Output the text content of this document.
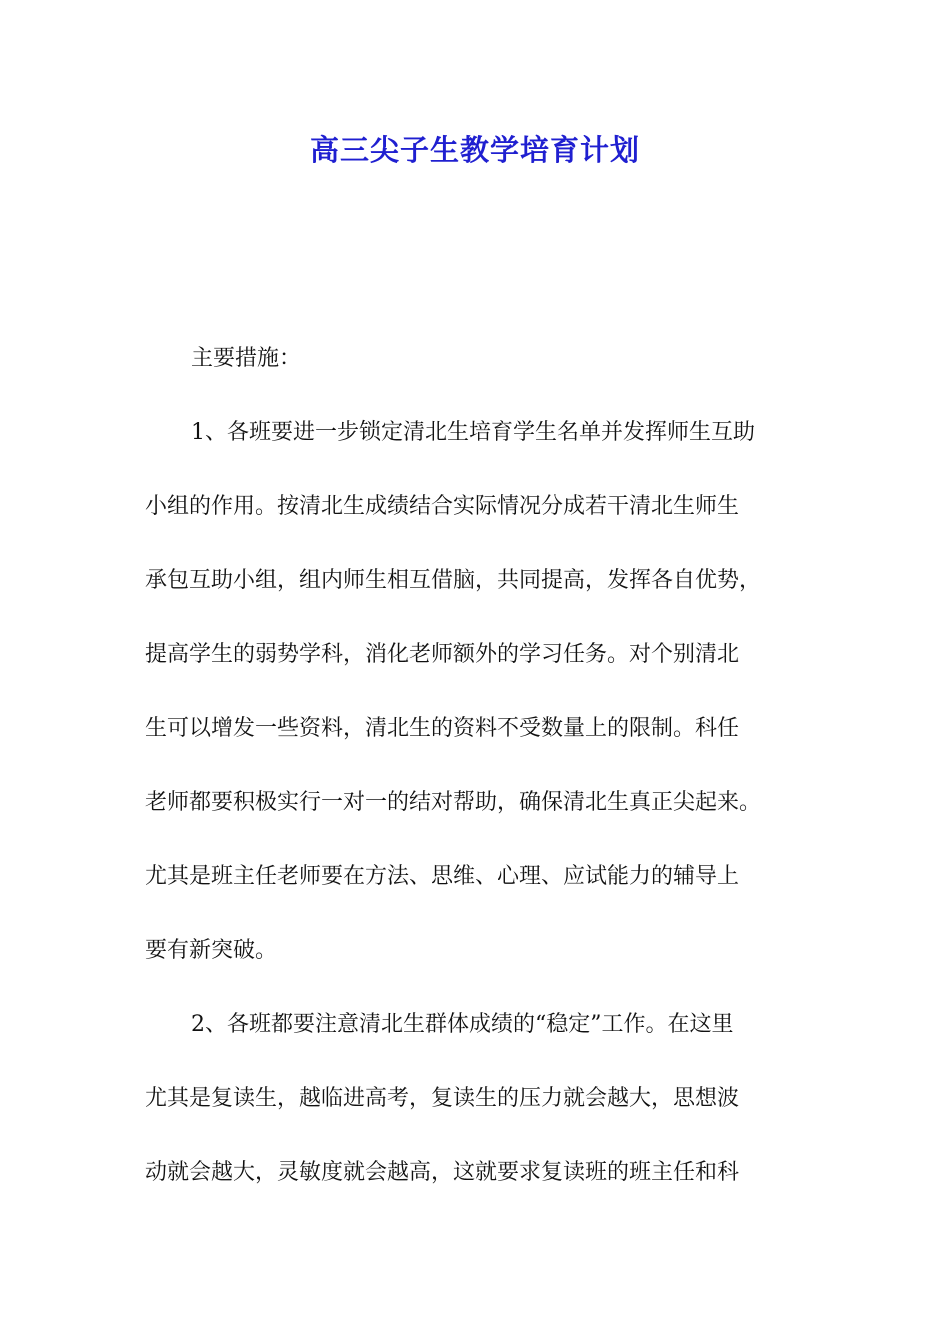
高三尖子生教学培育计划
主要措施：
1、各班要进一步锁定清北生培育学生名单并发挥师生互助
小组的作用。按清北生成绩结合实际情况分成若干清北生师生
承包互助小组，组内师生相互借脑，共同提高，发挥各自优势，
提高学生的弱势学科，消化老师额外的学习任务。对个别清北
生可以增发一些资料，清北生的资料不受数量上的限制。科任
老师都要积极实行一对一的结对帮助，确保清北生真正尖起来。
尤其是班主任老师要在方法、思维、心理、应试能力的辅导上
要有新突破。
2、各班都要注意清北生群体成绩的“稳定”工作。在这里
尤其是复读生，越临进高考，复读生的压力就会越大，思想波
动就会越大，灵敏度就会越高，这就要求复读班的班主任和科
